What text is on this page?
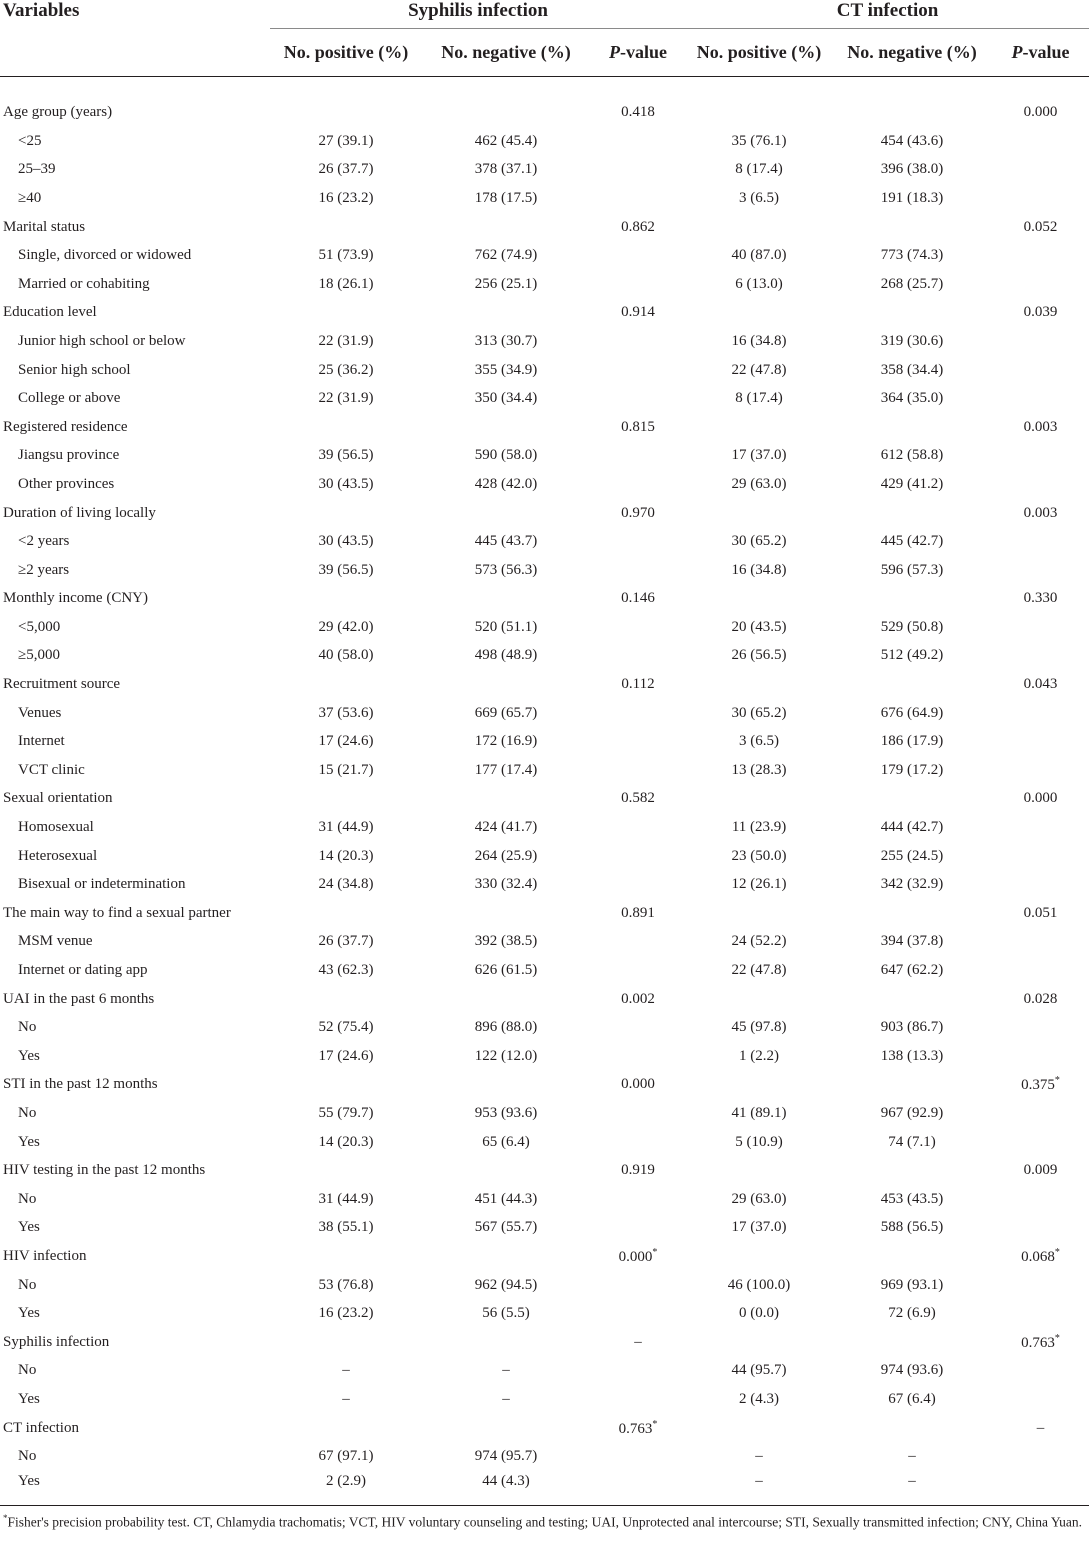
Variables	Syphilis infection			CT infection		
	No. positive (%)	No. negative (%)	P-value	No. positive (%)	No. negative (%)	P-value
Age group (years)			0.418			0.000
<25	27 (39.1)	462 (45.4)		35 (76.1)	454 (43.6)	
25–39	26 (37.7)	378 (37.1)		8 (17.4)	396 (38.0)	
≥40	16 (23.2)	178 (17.5)		3 (6.5)	191 (18.3)	
Marital status			0.862			0.052
Single, divorced or widowed	51 (73.9)	762 (74.9)		40 (87.0)	773 (74.3)	
Married or cohabiting	18 (26.1)	256 (25.1)		6 (13.0)	268 (25.7)	
Education level			0.914			0.039
Junior high school or below	22 (31.9)	313 (30.7)		16 (34.8)	319 (30.6)	
Senior high school	25 (36.2)	355 (34.9)		22 (47.8)	358 (34.4)	
College or above	22 (31.9)	350 (34.4)		8 (17.4)	364 (35.0)	
Registered residence			0.815			0.003
Jiangsu province	39 (56.5)	590 (58.0)		17 (37.0)	612 (58.8)	
Other provinces	30 (43.5)	428 (42.0)		29 (63.0)	429 (41.2)	
Duration of living locally			0.970			0.003
<2 years	30 (43.5)	445 (43.7)		30 (65.2)	445 (42.7)	
≥2 years	39 (56.5)	573 (56.3)		16 (34.8)	596 (57.3)	
Monthly income (CNY)			0.146			0.330
<5,000	29 (42.0)	520 (51.1)		20 (43.5)	529 (50.8)	
≥5,000	40 (58.0)	498 (48.9)		26 (56.5)	512 (49.2)	
Recruitment source			0.112			0.043
Venues	37 (53.6)	669 (65.7)		30 (65.2)	676 (64.9)	
Internet	17 (24.6)	172 (16.9)		3 (6.5)	186 (17.9)	
VCT clinic	15 (21.7)	177 (17.4)		13 (28.3)	179 (17.2)	
Sexual orientation			0.582			0.000
Homosexual	31 (44.9)	424 (41.7)		11 (23.9)	444 (42.7)	
Heterosexual	14 (20.3)	264 (25.9)		23 (50.0)	255 (24.5)	
Bisexual or indetermination	24 (34.8)	330 (32.4)		12 (26.1)	342 (32.9)	
The main way to find a sexual partner			0.891			0.051
MSM venue	26 (37.7)	392 (38.5)		24 (52.2)	394 (37.8)	
Internet or dating app	43 (62.3)	626 (61.5)		22 (47.8)	647 (62.2)	
UAI in the past 6 months			0.002			0.028
No	52 (75.4)	896 (88.0)		45 (97.8)	903 (86.7)	
Yes	17 (24.6)	122 (12.0)		1 (2.2)	138 (13.3)	
STI in the past 12 months			0.000			0.375*
No	55 (79.7)	953 (93.6)		41 (89.1)	967 (92.9)	
Yes	14 (20.3)	65 (6.4)		5 (10.9)	74 (7.1)	
HIV testing in the past 12 months			0.919			0.009
No	31 (44.9)	451 (44.3)		29 (63.0)	453 (43.5)	
Yes	38 (55.1)	567 (55.7)		17 (37.0)	588 (56.5)	
HIV infection			0.000*			0.068*
No	53 (76.8)	962 (94.5)		46 (100.0)	969 (93.1)	
Yes	16 (23.2)	56 (5.5)		0 (0.0)	72 (6.9)	
Syphilis infection			–			0.763*
No	–	–		44 (95.7)	974 (93.6)	
Yes	–	–		2 (4.3)	67 (6.4)	
CT infection			0.763*			–
No	67 (97.1)	974 (95.7)		–	–	
Yes	2 (2.9)	44 (4.3)		–	–	
*Fisher's precision probability test. CT, Chlamydia trachomatis; VCT, HIV voluntary counseling and testing; UAI, Unprotected anal intercourse; STI, Sexually transmitted infection; CNY, China Yuan.
